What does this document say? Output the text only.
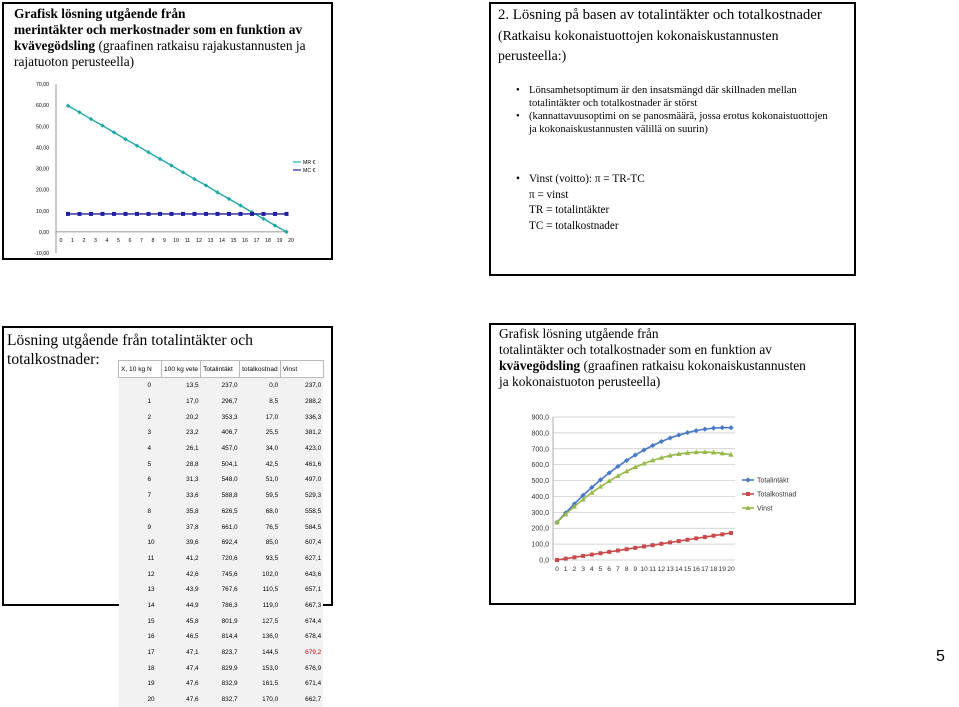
Grafisk lösning utgående från
merintäkter och merkostnader som en funktion av
kvävegödsling (graafinen ratkaisu rajakustannusten ja
rajatuoton perusteella)
70,00
60,00
50,00
40,00
30,00
20,00
10,00
0,00
-10,00
0 1 2 3 4 5 6 7 8 9 10 11 12 13 14 15 16 17 18 19 20
MR €
MC €
2. Lösning på basen av totalintäkter och totalkostnader
(Ratkaisu kokonaistuottojen kokonaiskustannusten perusteella:)
• Lönsamhetsoptimum är den insatsmängd där skillnaden mellan totalintäkter och totalkostnader är störst
• (kannattavuusoptimi on se panosmäärä, jossa erotus kokonaistuottojen ja kokonaiskustannusten välillä on suurin)
• Vinst (voitto): π = TR-TC
π = vinst
TR = totalintäkter
TC = totalkostnader
Lösning utgående från totalintäkter och
totalkostnader:
X, 10 kg N	100 kg vete	Totalintäkt	totalkostnad	Vinst
0	13,5	237,0	0,0	237,0
1	17,0	296,7	8,5	288,2
2	20,2	353,3	17,0	336,3
3	23,2	406,7	25,5	381,2
4	26,1	457,0	34,0	423,0
5	28,8	504,1	42,5	461,6
6	31,3	548,0	51,0	497,0
7	33,6	588,8	59,5	529,3
8	35,8	626,5	68,0	558,5
9	37,8	661,0	76,5	584,5
10	39,6	692,4	85,0	607,4
11	41,2	720,6	93,5	627,1
12	42,6	745,6	102,0	643,6
13	43,9	767,6	110,5	657,1
14	44,9	786,3	119,0	667,3
15	45,8	801,9	127,5	674,4
16	46,5	814,4	136,0	678,4
17	47,1	823,7	144,5	679,2
18	47,4	829,9	153,0	676,9
19	47,6	832,9	161,5	671,4
20	47,6	832,7	170,0	662,7
Grafisk lösning utgående från
totalintäkter och totalkostnader som en funktion av
kvävegödsling (graafinen ratkaisu kokonaiskustannusten
ja kokonaistuoton perusteella)
0,0
100,0
200,0
300,0
400,0
500,0
600,0
700,0
800,0
900,0
0 1 2 3 4 5 6 7 8 9 10 11 12 13 14 15 16 17 18 19 20
Totalintäkt
Totalkostnad
Vinst
5
